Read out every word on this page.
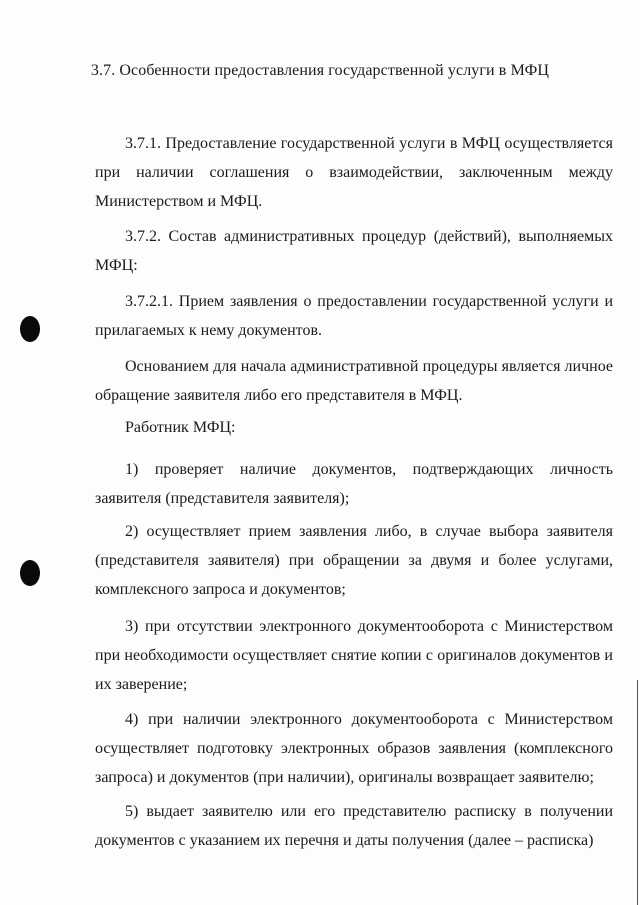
3.7. Особенности предоставления государственной услуги в МФЦ
3.7.1. Предоставление государственной услуги в МФЦ осуществляется при наличии соглашения о взаимодействии, заключенным между Министерством и МФЦ.
3.7.2. Состав административных процедур (действий), выполняемых МФЦ:
3.7.2.1. Прием заявления о предоставлении государственной услуги и прилагаемых к нему документов.
Основанием для начала административной процедуры является личное обращение заявителя либо его представителя в МФЦ.
Работник МФЦ:
1) проверяет наличие документов, подтверждающих личность заявителя (представителя заявителя);
2) осуществляет прием заявления либо, в случае выбора заявителя (представителя заявителя) при обращении за двумя и более услугами, комплексного запроса и документов;
3) при отсутствии электронного документооборота с Министерством при необходимости осуществляет снятие копии с оригиналов документов и их заверение;
4) при наличии электронного документооборота с Министерством осуществляет подготовку электронных образов заявления (комплексного запроса) и документов (при наличии), оригиналы возвращает заявителю;
5) выдает заявителю или его представителю расписку в получении документов с указанием их перечня и даты получения (далее – расписка)
